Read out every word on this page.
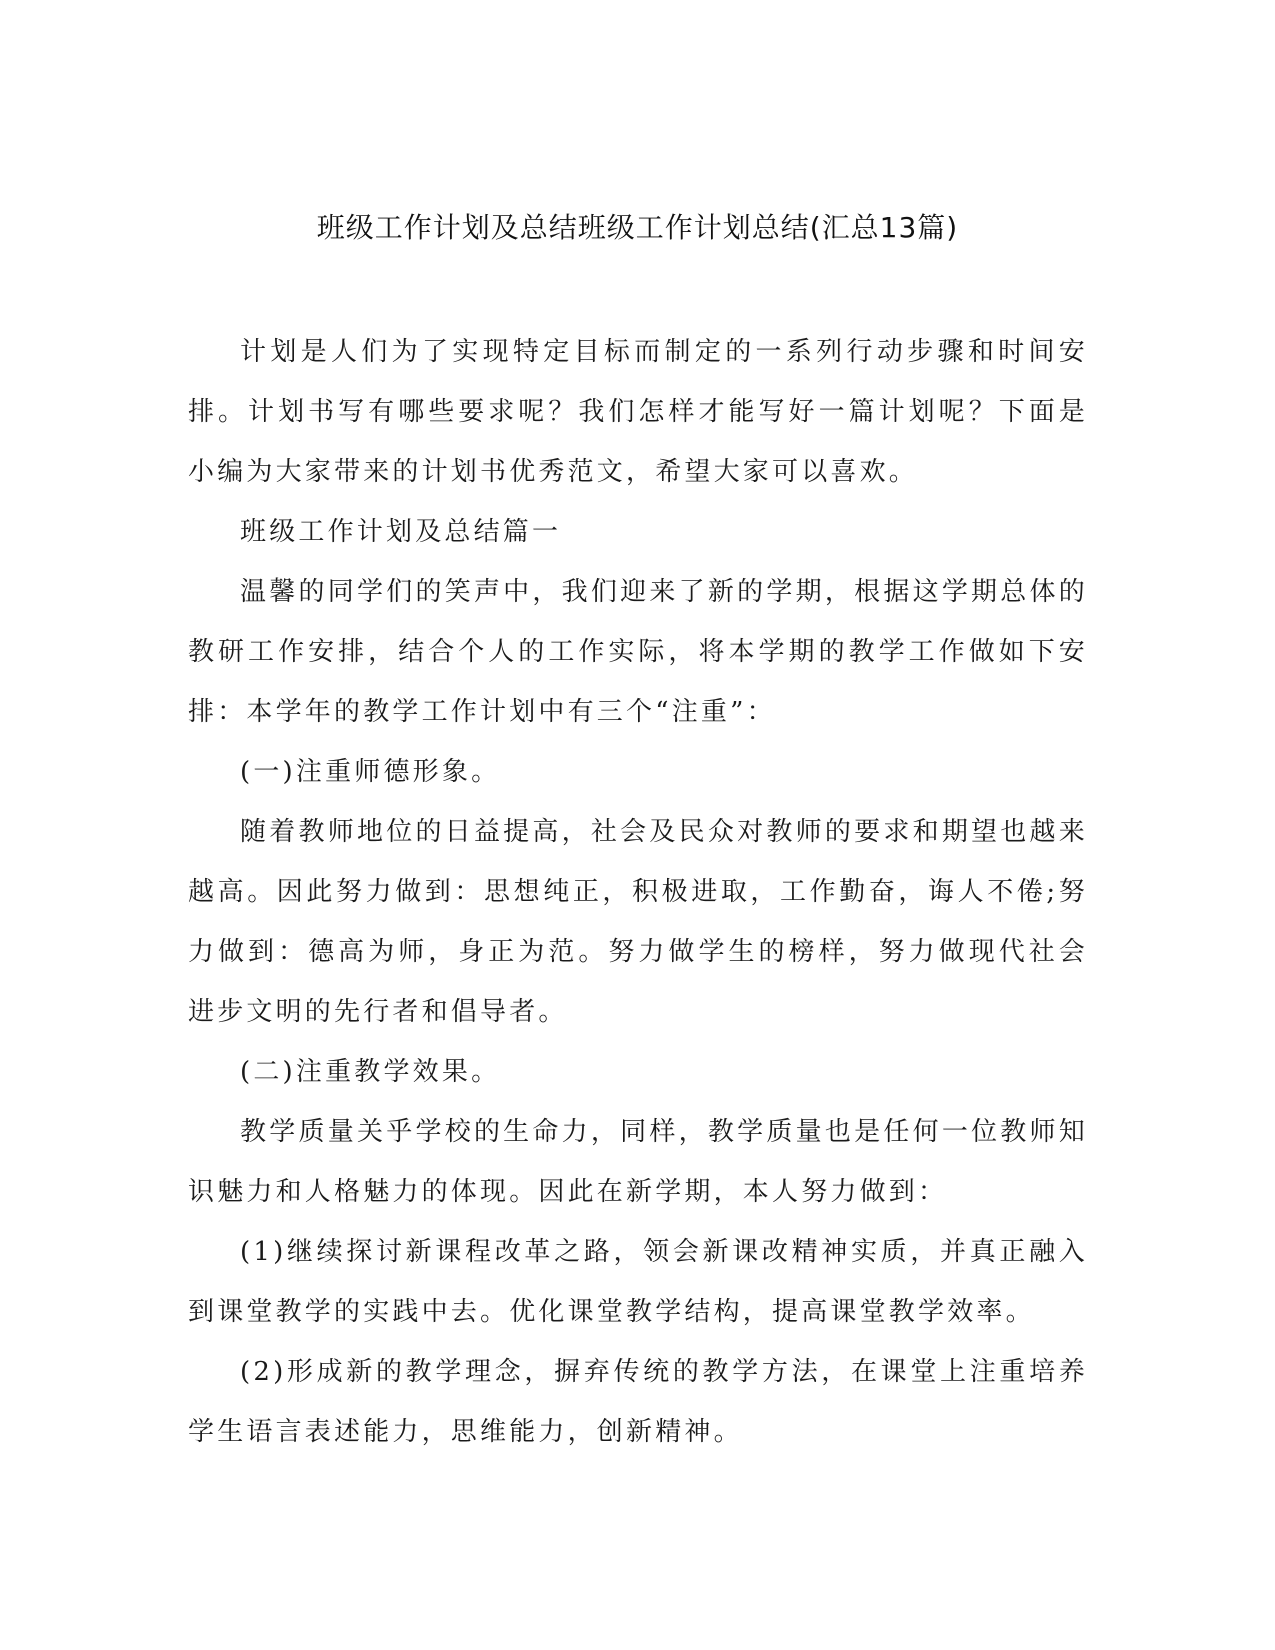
班级工作计划及总结班级工作计划总结(汇总13篇)

计划是人们为了实现特定目标而制定的一系列行动步骤和时间安排。计划书写有哪些要求呢？我们怎样才能写好一篇计划呢？下面是小编为大家带来的计划书优秀范文，希望大家可以喜欢。

班级工作计划及总结篇一

温馨的同学们的笑声中，我们迎来了新的学期，根据这学期总体的教研工作安排，结合个人的工作实际，将本学期的教学工作做如下安排：本学年的教学工作计划中有三个“注重”：

(一)注重师德形象。

随着教师地位的日益提高，社会及民众对教师的要求和期望也越来越高。因此努力做到：思想纯正，积极进取，工作勤奋，诲人不倦;努力做到：德高为师，身正为范。努力做学生的榜样，努力做现代社会进步文明的先行者和倡导者。

(二)注重教学效果。

教学质量关乎学校的生命力，同样，教学质量也是任何一位教师知识魅力和人格魅力的体现。因此在新学期，本人努力做到：

(1)继续探讨新课程改革之路，领会新课改精神实质，并真正融入到课堂教学的实践中去。优化课堂教学结构，提高课堂教学效率。

(2)形成新的教学理念，摒弃传统的教学方法，在课堂上注重培养学生语言表述能力，思维能力，创新精神。
